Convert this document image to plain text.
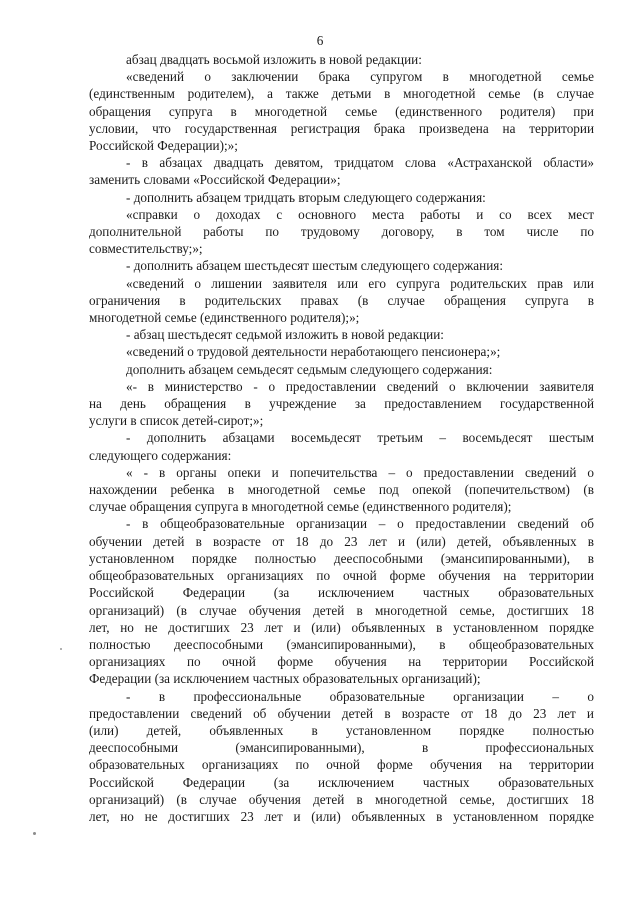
6
абзац двадцать восьмой изложить в новой редакции:
«сведений о заключении брака супругом в многодетной семье
(единственным родителем), а также детьми в многодетной семье (в случае
обращения супруга в многодетной семье (единственного родителя) при
условии, что государственная регистрация брака произведена на территории
Российской Федерации);»;
- в абзацах двадцать девятом, тридцатом слова «Астраханской области»
заменить словами «Российской Федерации»;
- дополнить абзацем тридцать вторым следующего содержания:
«справки о доходах с основного места работы и со всех мест
дополнительной работы по трудовому договору, в том числе по
совместительству;»;
- дополнить абзацем шестьдесят шестым следующего содержания:
«сведений о лишении заявителя или его супруга родительских прав или
ограничения в родительских правах (в случае обращения супруга в
многодетной семье (единственного родителя);»;
- абзац шестьдесят седьмой изложить в новой редакции:
«сведений о трудовой деятельности неработающего пенсионера;»;
дополнить абзацем семьдесят седьмым следующего содержания:
«- в министерство - о предоставлении сведений о включении заявителя
на день обращения в учреждение за предоставлением государственной
услуги в список детей-сирот;»;
- дополнить абзацами восемьдесят третьим – восемьдесят шестым
следующего содержания:
« - в органы опеки и попечительства – о предоставлении сведений о
нахождении ребенка в многодетной семье под опекой (попечительством) (в
случае обращения супруга в многодетной семье (единственного родителя);
- в общеобразовательные организации – о предоставлении сведений об
обучении детей в возрасте от 18 до 23 лет и (или) детей, объявленных в
установленном порядке полностью дееспособными (эмансипированными), в
общеобразовательных организациях по очной форме обучения на территории
Российской Федерации (за исключением частных образовательных
организаций) (в случае обучения детей в многодетной семье, достигших 18
лет, но не достигших 23 лет и (или) объявленных в установленном порядке
полностью дееспособными (эмансипированными), в общеобразовательных
организациях по очной форме обучения на территории Российской
Федерации (за исключением частных образовательных организаций);
- в профессиональные образовательные организации – о
предоставлении сведений об обучении детей в возрасте от 18 до 23 лет и
(или) детей, объявленных в установленном порядке полностью
дееспособными (эмансипированными), в профессиональных
образовательных организациях по очной форме обучения на территории
Российской Федерации (за исключением частных образовательных
организаций) (в случае обучения детей в многодетной семье, достигших 18
лет, но не достигших 23 лет и (или) объявленных в установленном порядке
